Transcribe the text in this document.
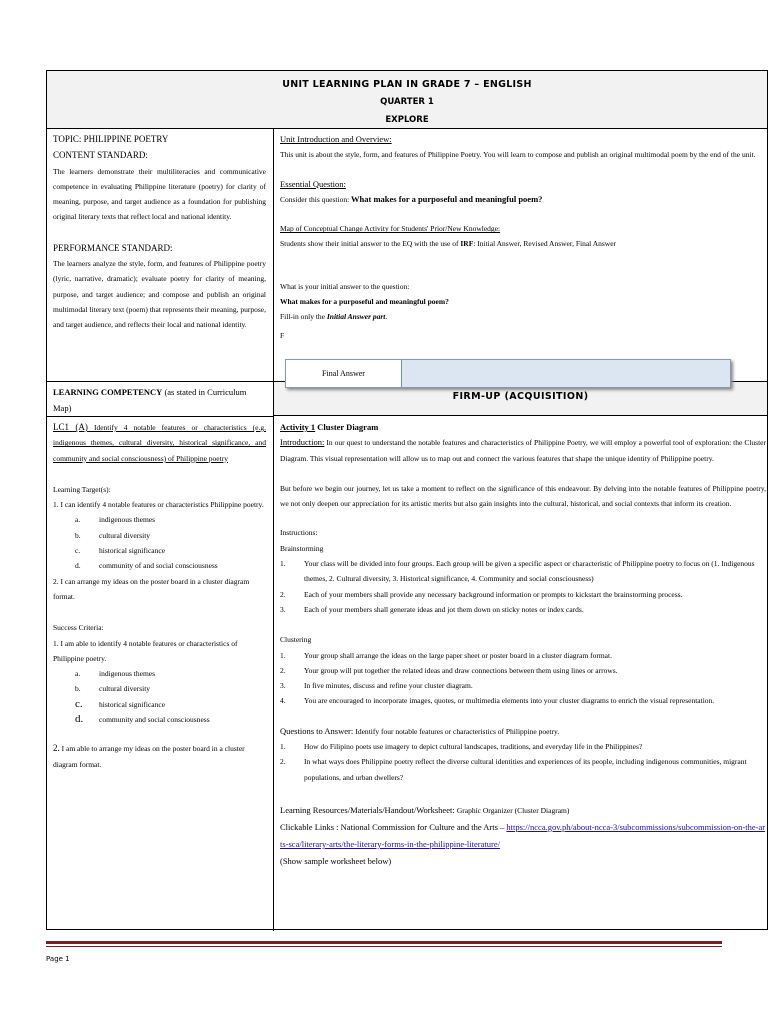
UNIT LEARNING PLAN IN GRADE 7 – ENGLISH
QUARTER 1
EXPLORE

TOPIC: PHILIPPINE POETRY

CONTENT STANDARD:

The learners demonstrate their multiliteracies and communicative competence in evaluating Philippine literature (poetry) for clarity of meaning, purpose, and target audience as a foundation for publishing original literary texts that reflect local and national identity.

PERFORMANCE STANDARD:

The learners analyze the style, form, and features of Philippine poetry (lyric, narrative, dramatic); evaluate poetry for clarity of meaning, purpose, and target audience; and compose and publish an original multimodal literary text (poem) that represents their meaning, purpose, and target audience, and reflects their local and national identity.

Unit Introduction and Overview:

This unit is about the style, form, and features of Philippine Poetry. You will learn to compose and publish an original multimodal poem by the end of the unit.

Essential Question:

Consider this question: What makes for a purposeful and meaningful poem?

Map of Conceptual Change Activity for Students' Prior/New Knowledge:

Students show their initial answer to the EQ with the use of IRF: Initial Answer, Revised Answer, Final Answer

What is your initial answer to the question:

What makes for a purposeful and meaningful poem?

Fill-in only the Initial Answer part.

F

FIRM-UP (ACQUISITION)

LEARNING COMPETENCY (as stated in Curriculum Map)

LC1 (A) Identify 4 notable features or characteristics (e.g. indigenous themes, cultural diversity, historical significance, and community and social consciousness) of Philippine poetry

Learning Target(s):

1. I can identify 4 notable features or characteristics Philippine poetry.

a.	indigenous themes
b. cultural diversity
c.	historical significance
d. community of and social consciousness

2. I can arrange my ideas on the poster board in a cluster diagram format.

Success Criteria:

1. I am able to identify 4 notable features or characteristics of Philippine poetry.

a.	indigenous themes
b. cultural diversity
c. historical significance
d. community and social consciousness

2. I am able to arrange my ideas on the poster board in a cluster diagram format.

Activity 1 Cluster Diagram

Introduction: In our quest to understand the notable features and characteristics of Philippine Poetry, we will employ a powerful tool of exploration: the Cluster Diagram. This visual representation will allow us to map out and connect the various features that shape the unique identity of Philippine poetry.

But before we begin our journey, let us take a moment to reflect on the significance of this endeavour. By delving into the notable features of Philippine poetry, we not only deepen our appreciation for its artistic merits but also gain insights into the cultural, historical, and social contexts that inform its creation.

Instructions:

Brainstorming

1. Your class will be divided into four groups. Each group will be given a specific aspect or characteristic of Philippine poetry to focus on (1. Indigenous themes, 2. Cultural diversity, 3. Historical significance, 4. Community and social consciousness)
2. Each of your members shall provide any necessary background information or prompts to kickstart the brainstorming process.
3. Each of your members shall generate ideas and jot them down on sticky notes or index cards.

Clustering

1. Your group shall arrange the ideas on the large paper sheet or poster board in a cluster diagram format.
2. Your group will put together the related ideas and draw connections between them using lines or arrows.
3. In five minutes, discuss and refine your cluster diagram.
4. You are encouraged to incorporate images, quotes, or multimedia elements into your cluster diagrams to enrich the visual representation.

Questions to Answer: Identify four notable features or characteristics of Philippine poetry.

1. How do Filipino poets use imagery to depict cultural landscapes, traditions, and everyday life in the Philippines?
2. In what ways does Philippine poetry reflect the diverse cultural identities and experiences of its people, including indigenous communities, migrant populations, and urban dwellers?

Learning Resources/Materials/Handout/Worksheet: Graphic Organizer (Cluster Diagram)

Clickable Links : National Commission for Culture and the Arts – https://ncca.gov.ph/about-ncca-3/subcommissions/subcommission-on-the-arts-sca/literary-arts/the-literary-forms-in-the-philippine-literature/

(Show sample worksheet below)

Final Answer
Page 1
